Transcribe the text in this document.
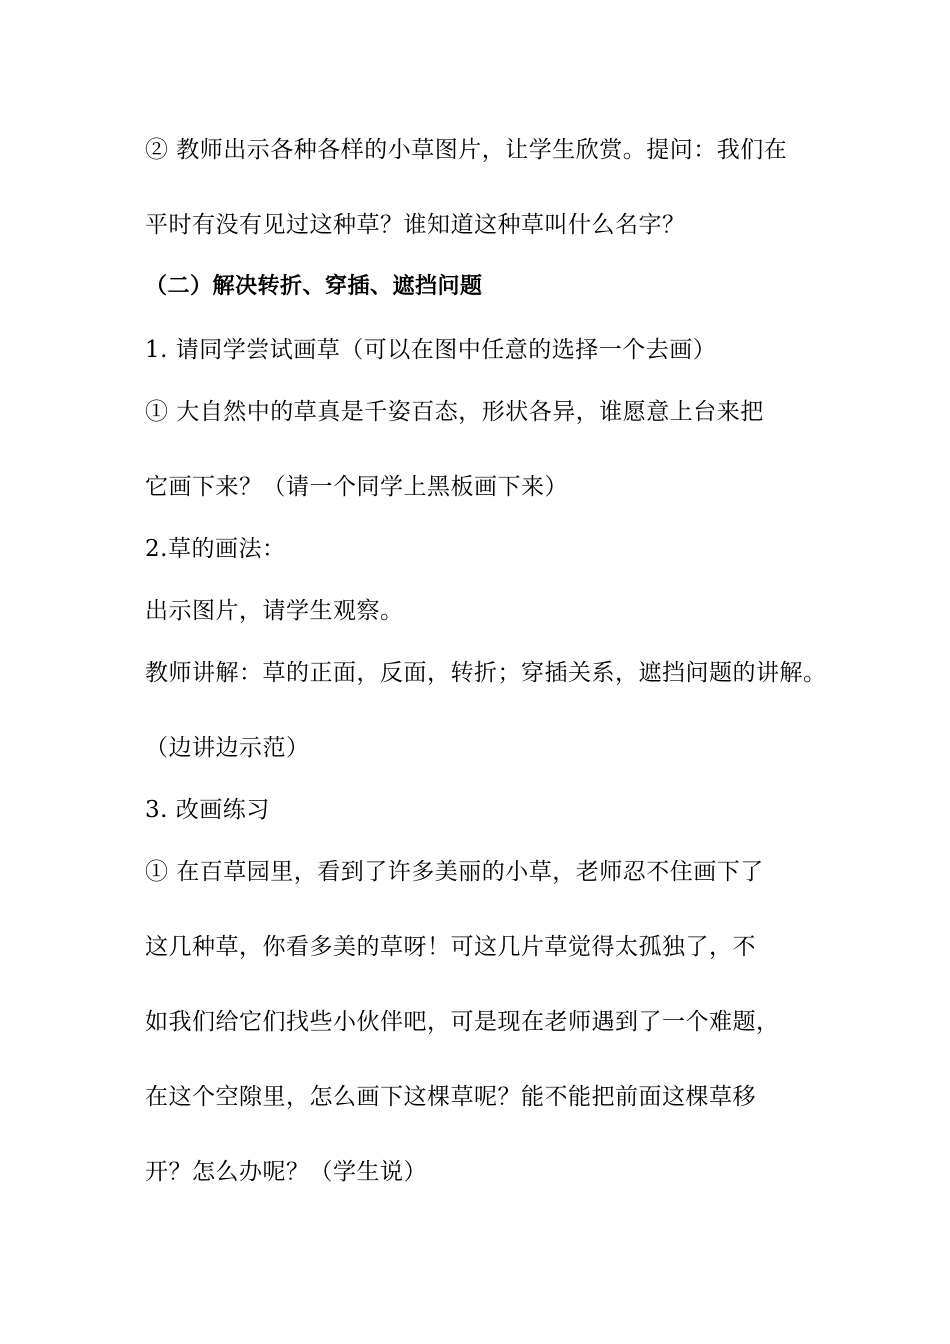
② 教师出示各种各样的小草图片，让学生欣赏。提问：我们在
平时有没有见过这种草？谁知道这种草叫什么名字？
（二）解决转折、穿插、遮挡问题
1. 请同学尝试画草（可以在图中任意的选择一个去画）
① 大自然中的草真是千姿百态，形状各异，谁愿意上台来把
它画下来？（请一个同学上黑板画下来）
2.草的画法：
出示图片，请学生观察。
教师讲解：草的正面，反面，转折；穿插关系，遮挡问题的讲解。
（边讲边示范）
3. 改画练习
① 在百草园里，看到了许多美丽的小草，老师忍不住画下了
这几种草，你看多美的草呀！可这几片草觉得太孤独了，不
如我们给它们找些小伙伴吧，可是现在老师遇到了一个难题，
在这个空隙里，怎么画下这棵草呢？能不能把前面这棵草移
开？怎么办呢？（学生说）
